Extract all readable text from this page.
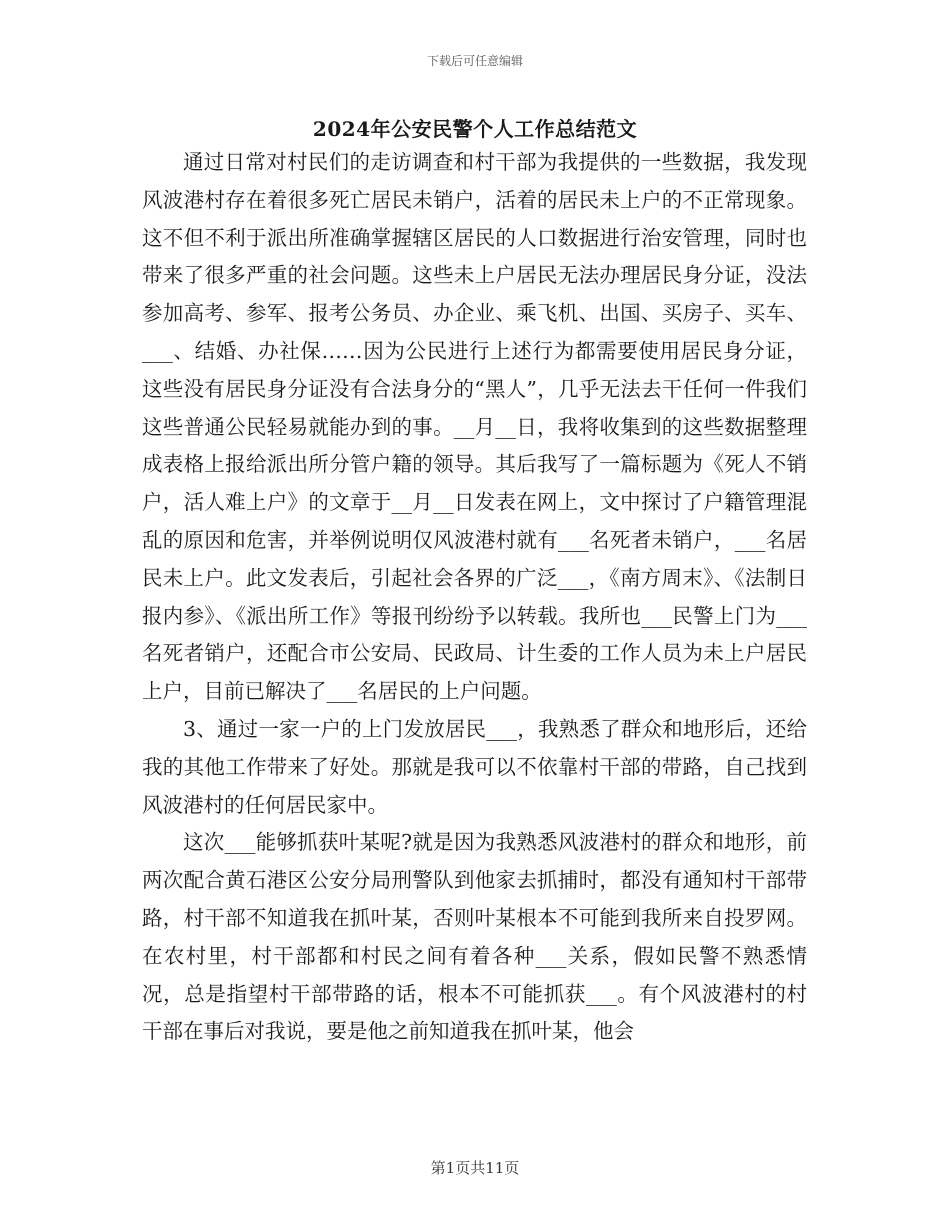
下载后可任意编辑
2024年公安民警个人工作总结范文

通过日常对村民们的走访调查和村干部为我提供的一些数据，我发现风波港村存在着很多死亡居民未销户，活着的居民未上户的不正常现象。这不但不利于派出所准确掌握辖区居民的人口数据进行治安管理，同时也带来了很多严重的社会问题。这些未上户居民无法办理居民身分证，没法参加高考、参军、报考公务员、办企业、乘飞机、出国、买房子、买车、___、结婚、办社保……因为公民进行上述行为都需要使用居民身分证，这些没有居民身分证没有合法身分的“黑人”，几乎无法去干任何一件我们这些普通公民轻易就能办到的事。__月__日，我将收集到的这些数据整理成表格上报给派出所分管户籍的领导。其后我写了一篇标题为《死人不销户，活人难上户》的文章于__月__日发表在网上，文中探讨了户籍管理混乱的原因和危害，并举例说明仅风波港村就有___名死者未销户，___名居民未上户。此文发表后，引起社会各界的广泛___，《南方周末》、《法制日报内参》、《派出所工作》等报刊纷纷予以转载。我所也___民警上门为___名死者销户，还配合市公安局、民政局、计生委的工作人员为未上户居民上户，目前已解决了___名居民的上户问题。

3、通过一家一户的上门发放居民___，我熟悉了群众和地形后，还给我的其他工作带来了好处。那就是我可以不依靠村干部的带路，自己找到风波港村的任何居民家中。

这次___能够抓获叶某呢?就是因为我熟悉风波港村的群众和地形，前两次配合黄石港区公安分局刑警队到他家去抓捕时，都没有通知村干部带路，村干部不知道我在抓叶某，否则叶某根本不可能到我所来自投罗网。在农村里，村干部都和村民之间有着各种___关系，假如民警不熟悉情况，总是指望村干部带路的话，根本不可能抓获___。有个风波港村的村干部在事后对我说，要是他之前知道我在抓叶某，他会

第1页共11页
